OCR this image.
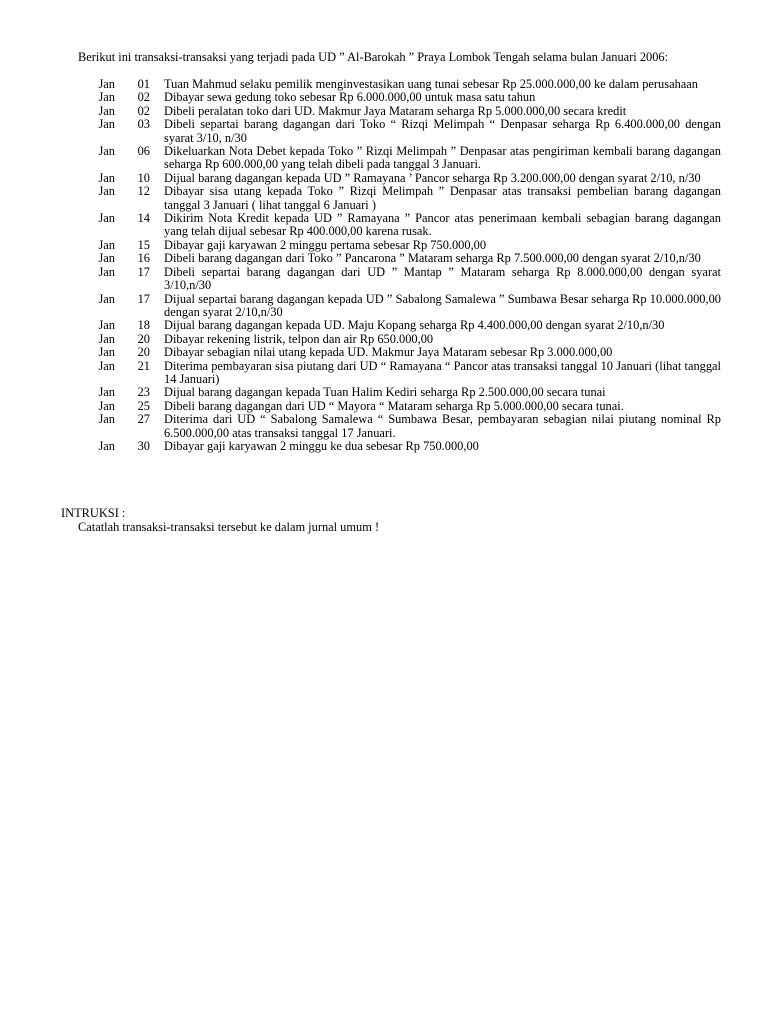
Berikut ini transaksi-transaksi yang terjadi pada UD ” Al-Barokah ” Praya Lombok Tengah selama bulan Januari 2006:
Jan	01 Tuan Mahmud selaku pemilik menginvestasikan uang tunai sebesar Rp 25.000.000,00 ke dalam perusahaan
Jan	02 Dibayar sewa gedung toko sebesar Rp 6.000.000,00 untuk masa satu tahun
Jan	02 Dibeli peralatan toko dari UD. Makmur Jaya Mataram seharga Rp 5.000.000,00 secara kredit
Jan	03 Dibeli separtai barang dagangan dari Toko “ Rizqi Melimpah “ Denpasar seharga Rp 6.400.000,00 dengan syarat 3/10, n/30
Jan	06 Dikeluarkan Nota Debet kepada Toko ” Rizqi Melimpah ” Denpasar atas pengiriman kembali barang dagangan seharga Rp 600.000,00 yang telah dibeli pada tanggal 3 Januari.
Jan	10 Dijual barang dagangan kepada UD ” Ramayana ’ Pancor seharga Rp 3.200.000,00 dengan syarat 2/10, n/30
Jan	12 Dibayar sisa utang kepada Toko ” Rizqi Melimpah ” Denpasar atas transaksi pembelian barang dagangan tanggal 3 Januari ( lihat tanggal 6 Januari )
Jan	14 Dikirim Nota Kredit kepada UD ” Ramayana ” Pancor atas penerimaan kembali sebagian barang dagangan yang telah dijual sebesar Rp 400.000,00 karena rusak.
Jan	15 Dibayar gaji karyawan 2 minggu pertama sebesar Rp 750.000,00
Jan	16 Dibeli barang dagangan dari Toko ” Pancarona ” Mataram seharga Rp 7.500.000,00 dengan syarat 2/10,n/30
Jan	17 Dibeli separtai barang dagangan dari UD ” Mantap ” Mataram seharga Rp 8.000.000,00 dengan syarat 3/10,n/30
Jan	17 Dijual separtai barang dagangan kepada UD ” Sabalong Samalewa ” Sumbawa Besar seharga Rp 10.000.000,00 dengan syarat 2/10,n/30
Jan	18 Dijual barang dagangan kepada UD. Maju Kopang seharga Rp 4.400.000,00 dengan syarat 2/10,n/30
Jan	20 Dibayar rekening listrik, telpon dan air Rp 650.000,00
Jan	20 Dibayar sebagian nilai utang kepada UD. Makmur Jaya Mataram sebesar Rp 3.000.000,00
Jan	21 Diterima pembayaran sisa piutang dari UD “ Ramayana “ Pancor atas transaksi tanggal 10 Januari (lihat tanggal 14 Januari)
Jan	23 Dijual barang dagangan kepada Tuan Halim Kediri seharga Rp 2.500.000,00 secara tunai
Jan	25 Dibeli barang dagangan dari UD “ Mayora “ Mataram seharga Rp 5.000.000,00 secara tunai.
Jan	27 Diterima dari UD “ Sabalong Samalewa “ Sumbawa Besar, pembayaran sebagian nilai piutang nominal Rp 6.500.000,00 atas transaksi tanggal 17 Januari.
Jan	30 Dibayar gaji karyawan 2 minggu ke dua sebesar Rp 750.000,00
INTRUKSI :
Catatlah transaksi-transaksi tersebut ke dalam jurnal umum !
